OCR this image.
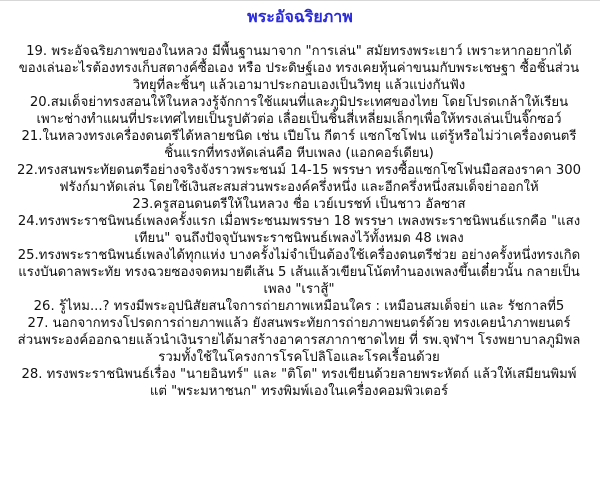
พระอัจฉริยภาพ

19. พระอัจฉริยภาพของในหลวง มีพื้นฐานมาจาก "การเล่น" สมัยทรงพระเยาว์ เพราะหากอยากได้ของเล่นอะไรต้องทรงเก็บสตางค์ซื้อเอง หรือ ประดิษฐ์เอง ทรงเคยหุ้นค่าขนมกับพระเชษฐา ซื้อชิ้นส่วนวิทยุที่ละชิ้นๆ แล้วเอามาประกอบเองเป็นวิทยุ แล้วแบ่งกันฟัง

20.สมเด็จย่าทรงสอนให้ในหลวงรู้จักการใช้แผนที่และภูมิประเทศของไทย โดยโปรดเกล้าให้เรียนเพาะช่างทำแผนที่ประเทศไทยเป็นรูปตัวต่อ เลื่อยเป็นชิ้นสี่เหลี่ยมเล็กๆเพื่อให้ทรงเล่นเป็นจิ๊กซอว์

21.ในหลวงทรงเครื่องดนตรีได้หลายชนิด เช่น เปียโน กีตาร์ แซกโซโฟน แต่รู้หรือไม่ว่าเครื่องดนตรีชิ้นแรกที่ทรงหัดเล่นคือ หีบเพลง (แอกคอร์เดียน)

22.ทรงสนพระทัยดนตรีอย่างจริงจังราวพระชนม์ 14-15 พรรษา ทรงซื้อแซกโซโฟนมือสองราคา 300 ฟรังก์มาหัดเล่น โดยใช้เงินสะสมส่วนพระองค์ครึ่งหนึ่ง และอีกครึ่งหนึ่งสมเด็จย่าออกให้

23.ครูสอนดนตรีให้ในหลวง ชื่อ เวย์เบรชท์ เป็นชาว อัลซาส

24.ทรงพระราชนิพนธ์เพลงครั้งแรก เมื่อพระชนมพรรษา 18 พรรษา เพลงพระราชนิพนธ์แรกคือ "แสงเทียน" จนถึงปัจจุบันพระราชนิพนธ์เพลงไว้ทั้งหมด 48 เพลง

25.ทรงพระราชนิพนธ์เพลงได้ทุกแห่ง บางครั้งไม่จำเป็นต้องใช้เครื่องดนตรีช่วย อย่างครั้งหนึ่งทรงเกิดแรงบันดาลพระทัย ทรงฉวยซองจดหมายตีเส้น 5 เส้นแล้วเขียนโน้ตทำนองเพลงขึ้นเดี๋ยวนั้น กลายเป็นเพลง "เราสู้"

26. รู้ไหม...? ทรงมีพระอุปนิสัยสนใจการถ่ายภาพเหมือนใคร : เหมือนสมเด็จย่า และ รัชกาลที่5

27. นอกจากทรงโปรดการถ่ายภาพแล้ว ยังสนพระทัยการถ่ายภาพยนตร์ด้วย ทรงเคยนำภาพยนตร์ส่วนพระองค์ออกฉายแล้วนำเงินรายได้มาสร้างอาคารสภากาชาดไทย ที่ รพ.จุฬาฯ โรงพยาบาลภูมิพล รวมทั้งใช้ในโครงการโรคโปลิโอและโรคเรื้อนด้วย

28. ทรงพระราชนิพนธ์เรื่อง "นายอินทร์" และ "ติโต" ทรงเขียนด้วยลายพระหัตถ์ แล้วให้เสมียนพิมพ์ แต่ "พระมหาชนก" ทรงพิมพ์เองในเครื่องคอมพิวเตอร์
